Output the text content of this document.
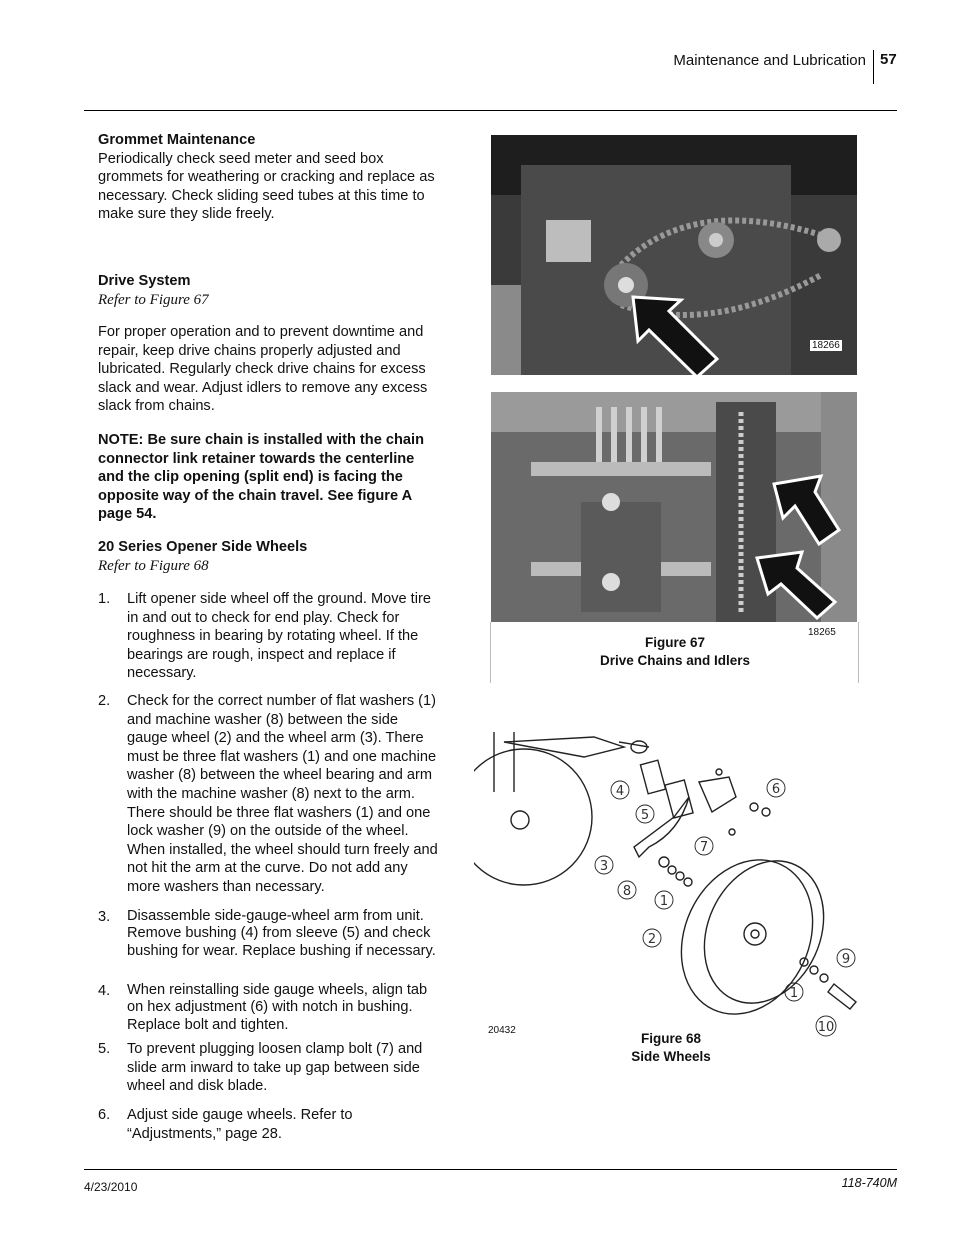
Maintenance and Lubrication 57
Grommet Maintenance
Periodically check seed meter and seed box grommets for weathering or cracking and replace as necessary. Check sliding seed tubes at this time to make sure they slide freely.
Drive System
Refer to Figure 67
For proper operation and to prevent downtime and repair, keep drive chains properly adjusted and lubricated. Regularly check drive chains for excess slack and wear. Adjust idlers to remove any excess slack from chains.
NOTE: Be sure chain is installed with the chain connector link retainer towards the centerline and the clip opening (split end) is facing the opposite way of the chain travel. See figure A page 54.
20 Series Opener Side Wheels
Refer to Figure 68
1. Lift opener side wheel off the ground. Move tire in and out to check for end play. Check for roughness in bearing by rotating wheel. If the bearings are rough, inspect and replace if necessary.
2. Check for the correct number of flat washers (1) and machine washer (8) between the side gauge wheel (2) and the wheel arm (3). There must be three flat washers (1) and one machine washer (8) between the wheel bearing and arm with the machine washer (8) next to the arm. There should be three flat washers (1) and one lock washer (9) on the outside of the wheel. When installed, the wheel should turn freely and not hit the arm at the curve. Do not add any more washers than necessary.
3. Disassemble side-gauge-wheel arm from unit. Remove bushing (4) from sleeve (5) and check bushing for wear. Replace bushing if necessary.
4. When reinstalling side gauge wheels, align tab on hex adjustment (6) with notch in bushing. Replace bolt and tighten.
5. To prevent plugging loosen clamp bolt (7) and slide arm inward to take up gap between side wheel and disk blade.
6. Adjust side gauge wheels. Refer to “Adjustments,” page 28.
18266
18265
Figure 67
Drive Chains and Idlers
4
5
6
7
3
8
1
2
9
1
10
20432
Figure 68
Side Wheels
4/23/2010	118-740M
